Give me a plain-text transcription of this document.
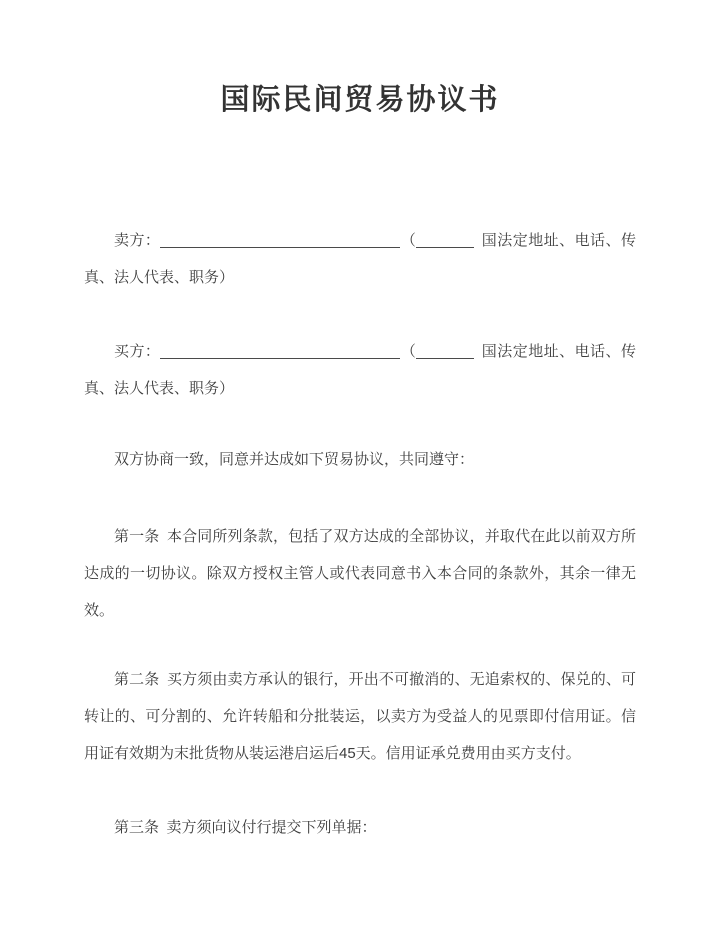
国际民间贸易协议书

卖方：	（	国法定地址、电话、传真、法人代表、职务）

买方：	（	国法定地址、电话、传真、法人代表、职务）

双方协商一致，同意并达成如下贸易协议，共同遵守：

第一条 本合同所列条款，包括了双方达成的全部协议，并取代在此以前双方所
达成的一切协议。除双方授权主管人或代表同意书入本合同的条款外，其余一律无
效。
第二条 买方须由卖方承认的银行，开出不可撤消的、无追索权的、保兑的、可
转让的、可分割的、允许转船和分批装运，以卖方为受益人的见票即付信用证。信
用证有效期为末批货物从装运港启运后45天。信用证承兑费用由买方支付。
第三条 卖方须向议付行提交下列单据：
